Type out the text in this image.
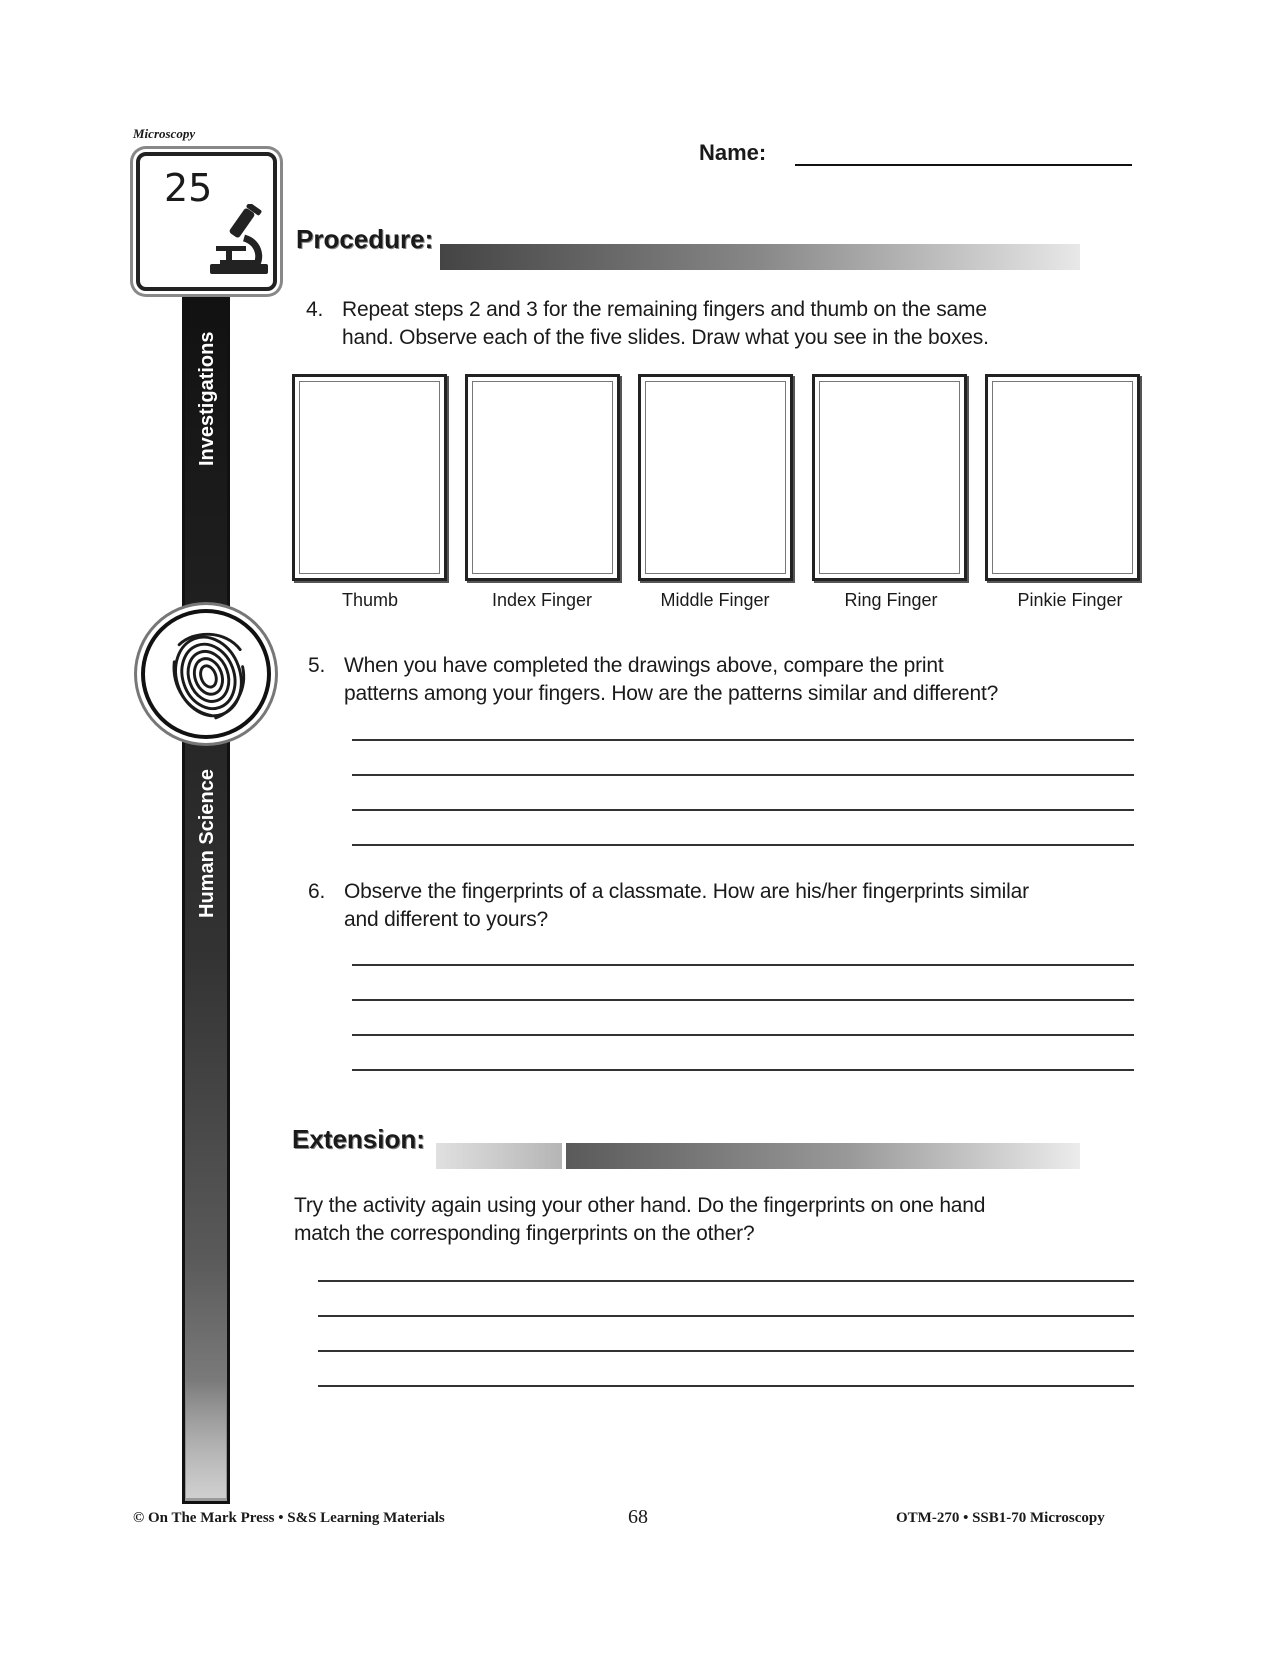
Microscopy
Investigations
Human Science
25
Name:
Procedure:
4. Repeat steps 2 and 3 for the remaining fingers and thumb on the same
hand. Observe each of the five slides. Draw what you see in the boxes.
Thumb	Index Finger	Middle Finger	Ring Finger	Pinkie Finger
5. When you have completed the drawings above, compare the print
patterns among your fingers. How are the patterns similar and different?
6. Observe the fingerprints of a classmate. How are his/her fingerprints similar
and different to yours?
Extension:
Try the activity again using your other hand. Do the fingerprints on one hand
match the corresponding fingerprints on the other?
© On The Mark Press • S&S Learning Materials	68	OTM-270 • SSB1-70 Microscopy
